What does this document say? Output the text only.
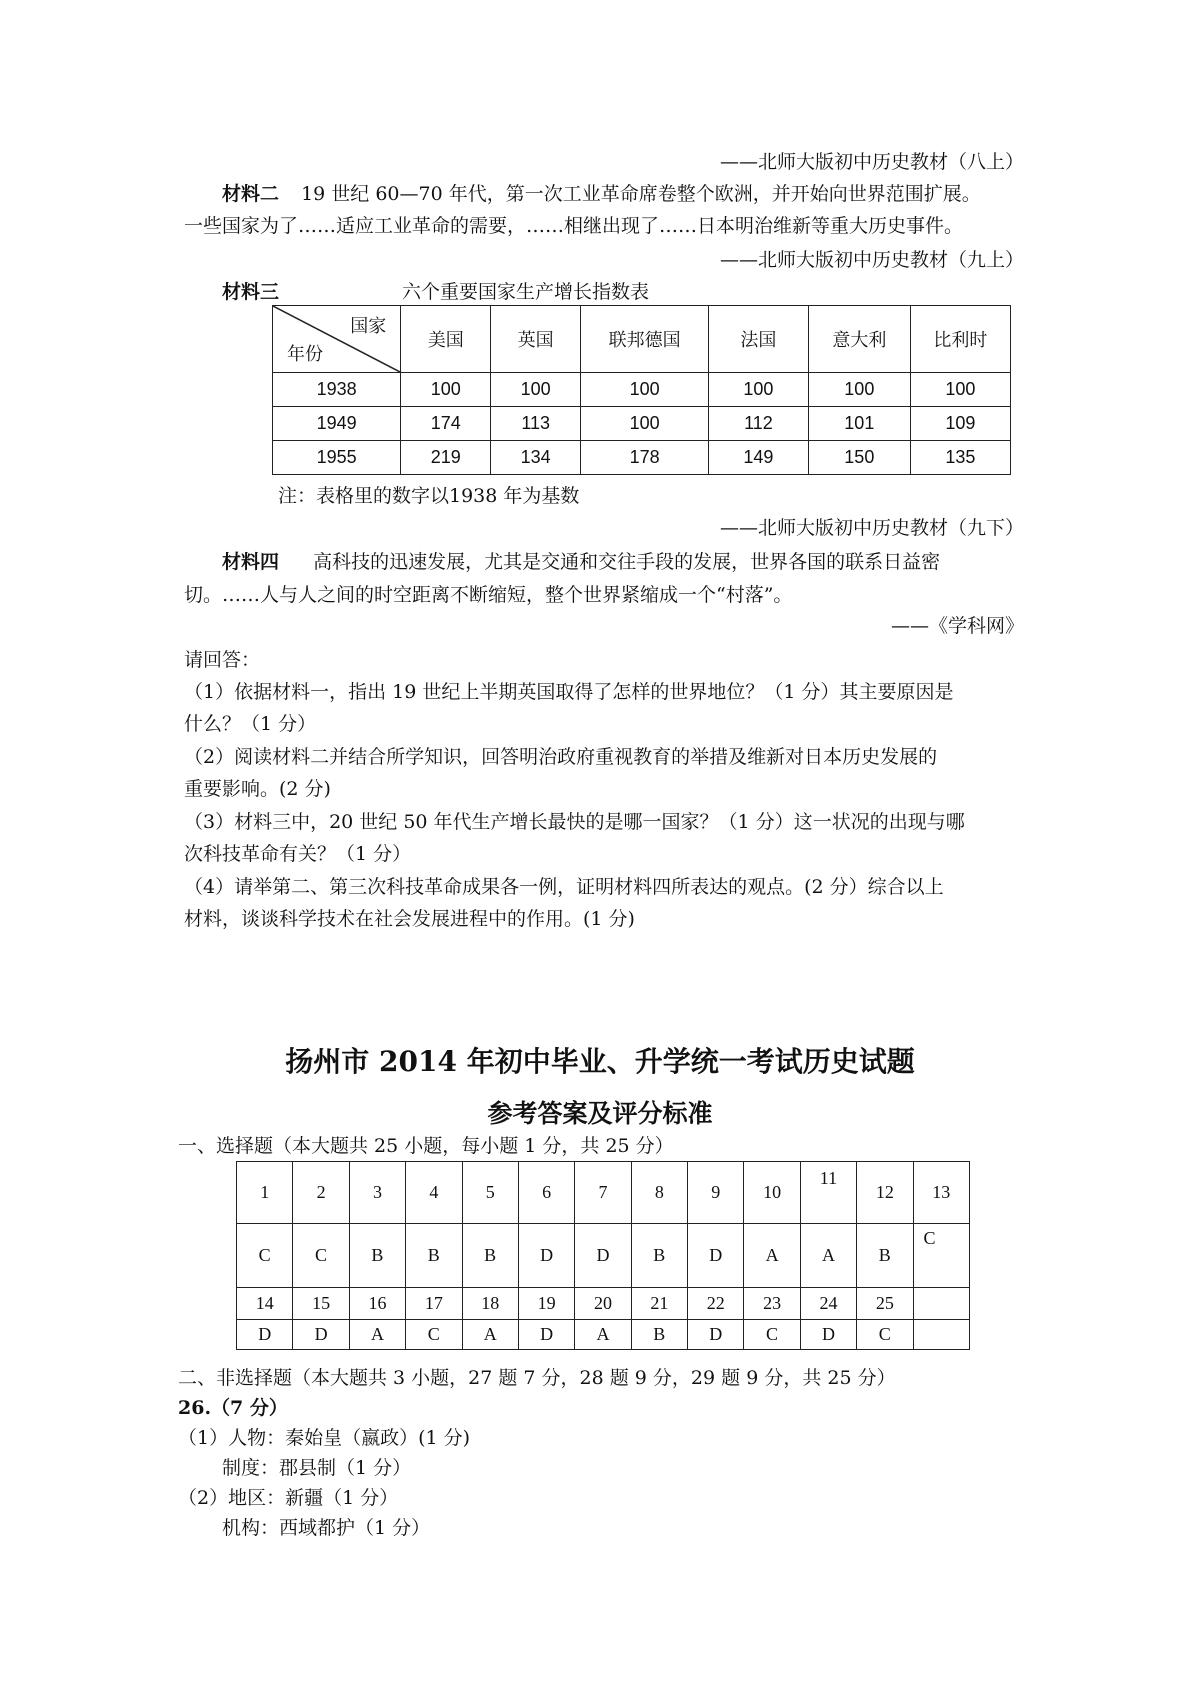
——北师大版初中历史教材（八上）
材料二 19 世纪 60—70 年代，第一次工业革命席卷整个欧洲，并开始向世界范围扩展。
一些国家为了……适应工业革命的需要，……相继出现了……日本明治维新等重大历史事件。
——北师大版初中历史教材（九上）
材料三	六个重要国家生产增长指数表
国家
年份	美国	英国	联邦德国	法国	意大利	比利时
1938	100	100	100	100	100	100
1949	174	113	100	112	101	109
1955	219	134	178	149	150	135
注：表格里的数字以1938 年为基数
——北师大版初中历史教材（九下）
材料四 高科技的迅速发展，尤其是交通和交往手段的发展，世界各国的联系日益密
切。……人与人之间的时空距离不断缩短，整个世界紧缩成一个“村落”。
——《学科网》
请回答：
（1）依据材料一，指出 19 世纪上半期英国取得了怎样的世界地位？（1 分）其主要原因是
什么？（1 分）
（2）阅读材料二并结合所学知识，回答明治政府重视教育的举措及维新对日本历史发展的
重要影响。(2 分)
（3）材料三中，20 世纪 50 年代生产增长最快的是哪一国家？（1 分）这一状况的出现与哪
次科技革命有关？（1 分）
（4）请举第二、第三次科技革命成果各一例，证明材料四所表达的观点。(2 分）综合以上
材料，谈谈科学技术在社会发展进程中的作用。(1 分)
扬州市 2014 年初中毕业、升学统一考试历史试题
参考答案及评分标准
一、选择题（本大题共 25 小题，每小题 1 分，共 25 分）
1	2	3	4	5	6	7	8	9	10	11	12	13
C	C	B	B	B	D	D	B	D	A	A	B	C
14	15	16	17	18	19	20	21	22	23	24	25	
D	D	A	C	A	D	A	B	D	C	D	C	
二、非选择题（本大题共 3 小题，27 题 7 分，28 题 9 分，29 题 9 分，共 25 分）
26.（7 分）
（1）人物：秦始皇（嬴政）(1 分)
制度：郡县制（1 分）
（2）地区：新疆（1 分）
机构：西域都护（1 分）
